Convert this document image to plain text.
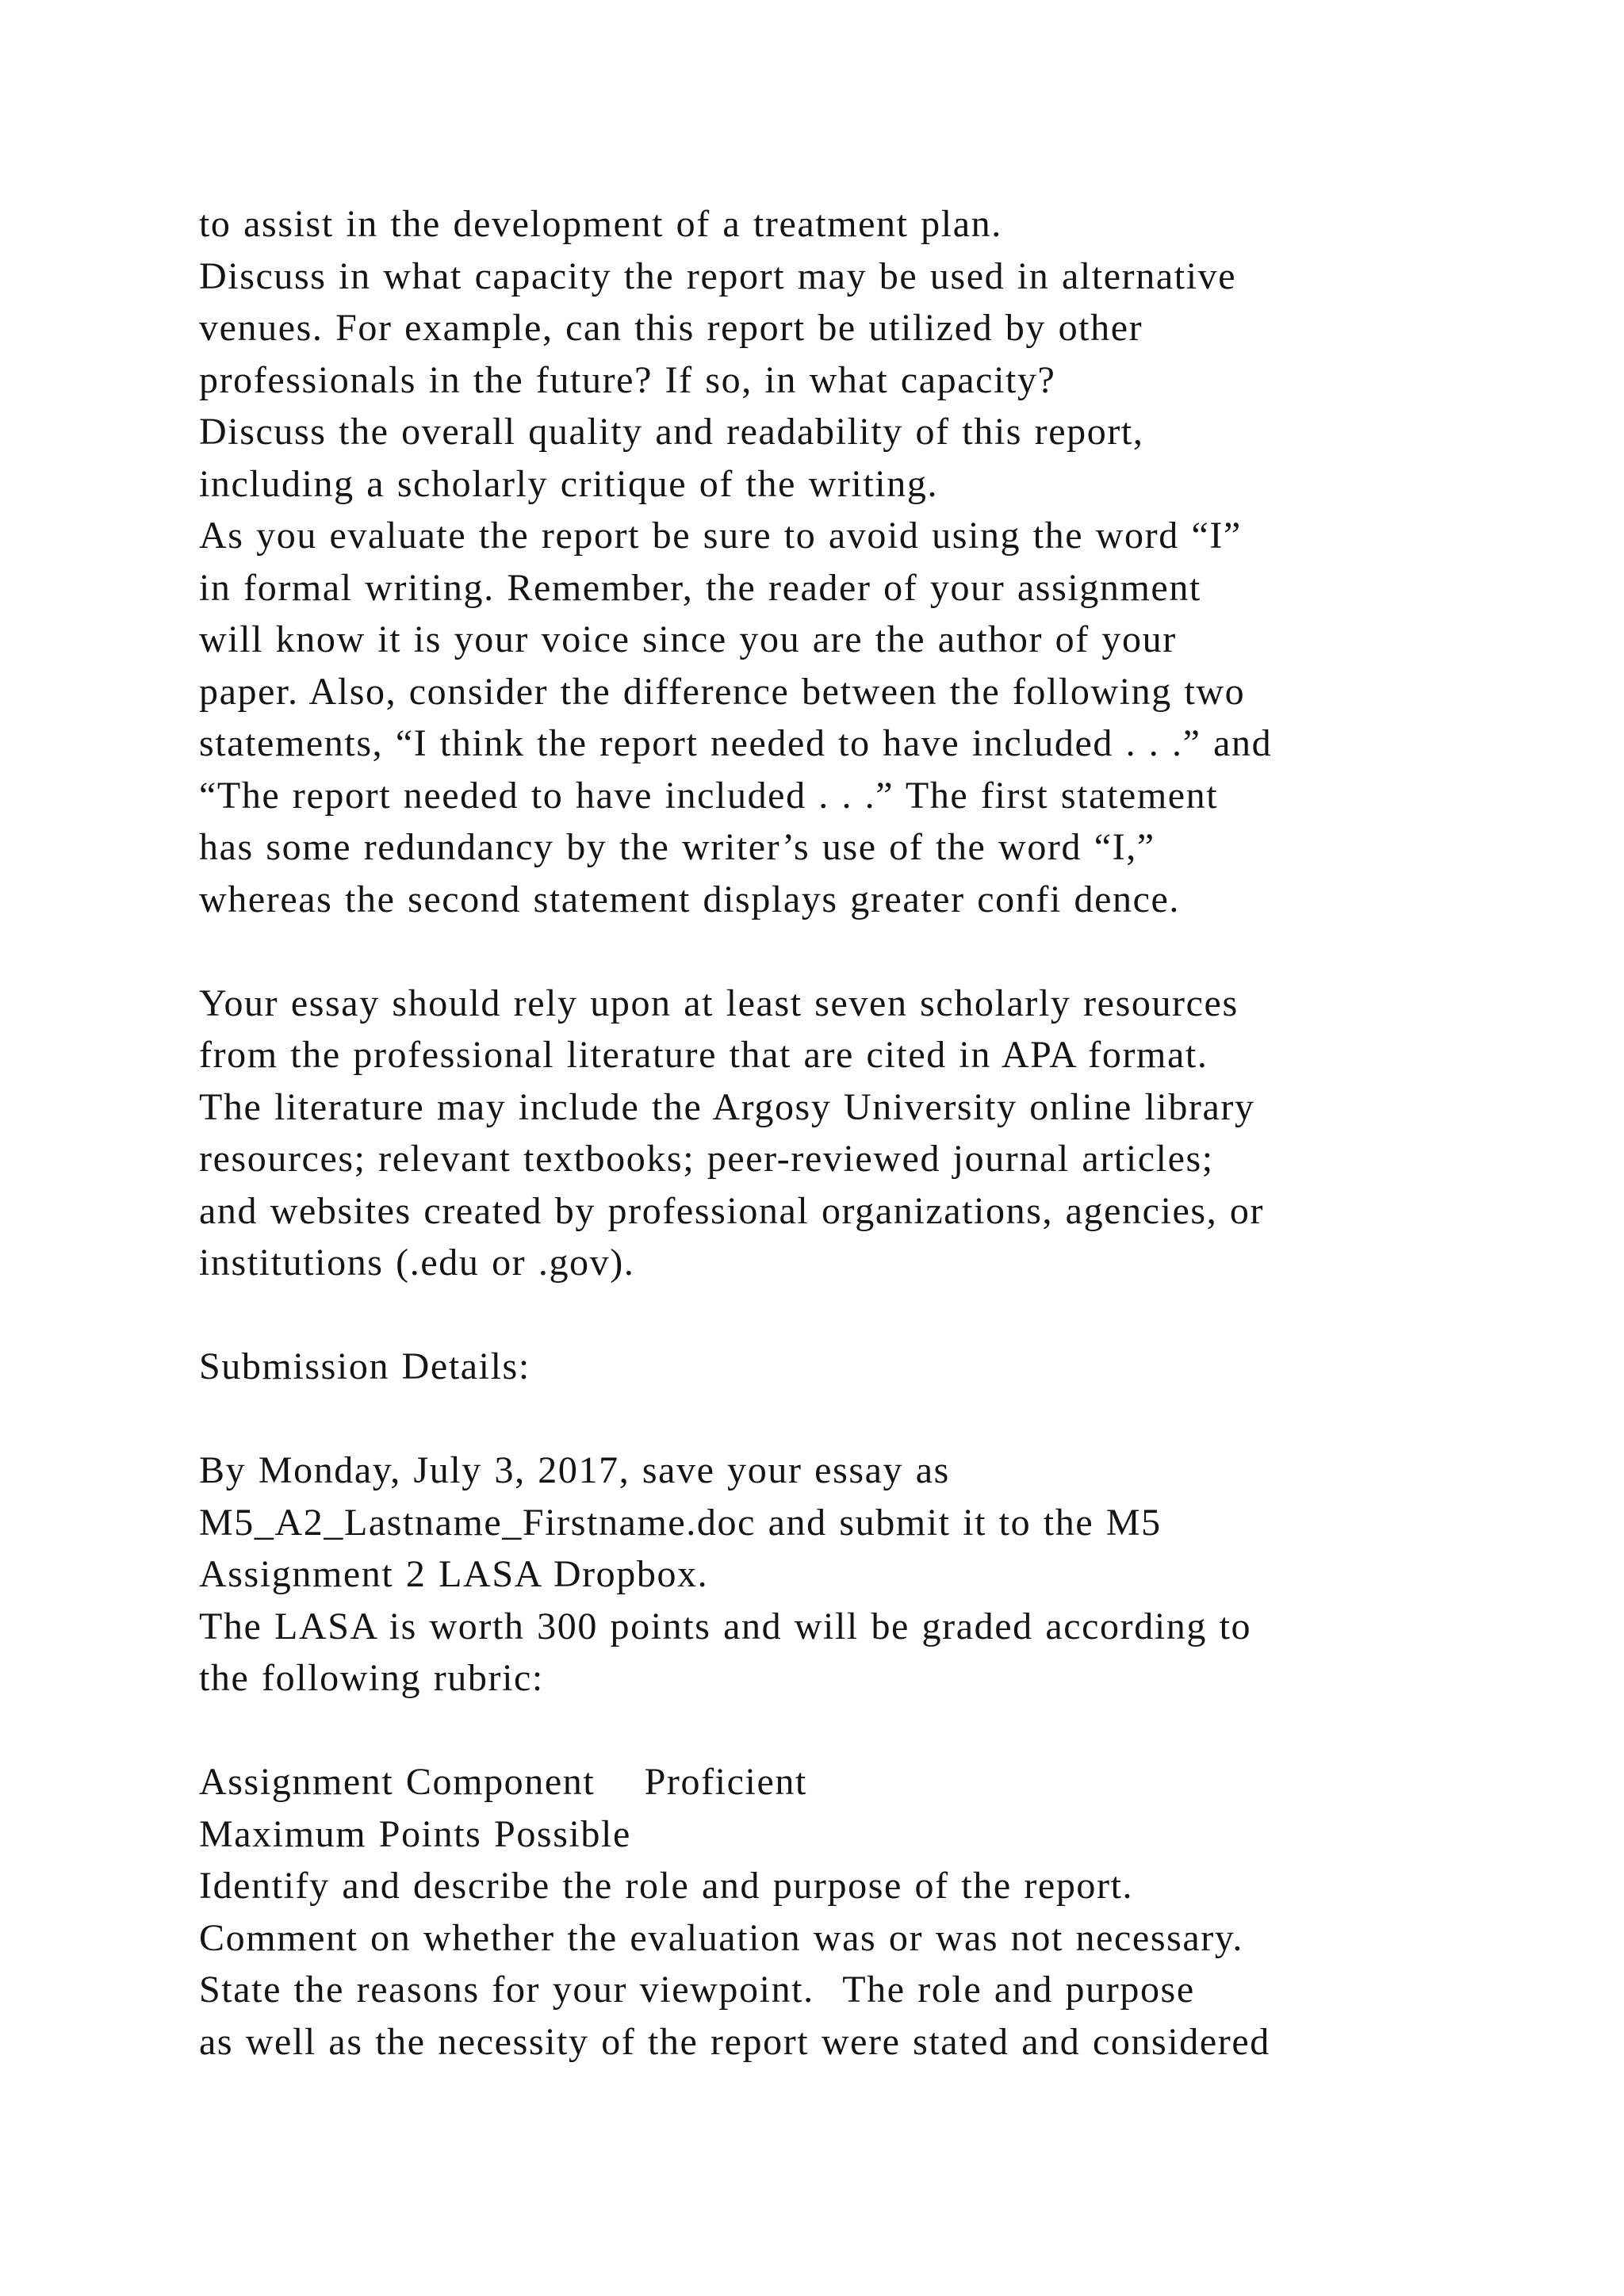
to assist in the development of a treatment plan.
Discuss in what capacity the report may be used in alternative
venues. For example, can this report be utilized by other
professionals in the future? If so, in what capacity?
Discuss the overall quality and readability of this report,
including a scholarly critique of the writing.
As you evaluate the report be sure to avoid using the word “I”
in formal writing. Remember, the reader of your assignment
will know it is your voice since you are the author of your
paper. Also, consider the difference between the following two
statements, “I think the report needed to have included . . .” and
“The report needed to have included . . .” The first statement
has some redundancy by the writer’s use of the word “I,”
whereas the second statement displays greater confi dence.
Your essay should rely upon at least seven scholarly resources
from the professional literature that are cited in APA format.
The literature may include the Argosy University online library
resources; relevant textbooks; peer-reviewed journal articles;
and websites created by professional organizations, agencies, or
institutions (.edu or .gov).
Submission Details:
By Monday, July 3, 2017, save your essay as
M5_A2_Lastname_Firstname.doc and submit it to the M5
Assignment 2 LASA Dropbox.
The LASA is worth 300 points and will be graded according to
the following rubric:
Assignment Component	Proficient
Maximum Points Possible
Identify and describe the role and purpose of the report.
Comment on whether the evaluation was or was not necessary.
State the reasons for your viewpoint.	The role and purpose
as well as the necessity of the report were stated and considered
